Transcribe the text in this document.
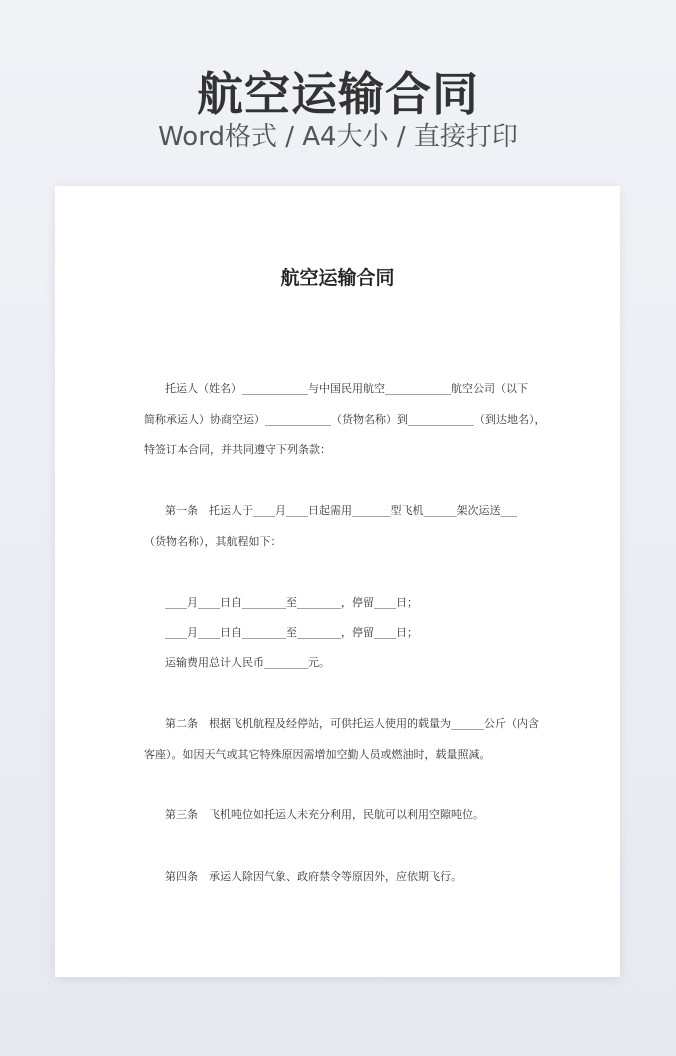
航空运输合同
Word格式 / A4大小 / 直接打印
航空运输合同
托运人（姓名）____________与中国民用航空____________航空公司（以下
简称承运人）协商空运）____________（货物名称）到____________（到达地名），
特签订本合同，并共同遵守下列条款：
第一条　托运人于____月____日起需用_______型飞机______架次运送___
（货物名称），其航程如下：
____月____日自________至________，停留____日；
____月____日自________至________，停留____日；
运输费用总计人民币________元。
第二条　根据飞机航程及经停站，可供托运人使用的载量为______公斤（内含
客座）。如因天气或其它特殊原因需增加空勤人员或燃油时，载量照减。
第三条　飞机吨位如托运人未充分利用，民航可以利用空隙吨位。
第四条　承运人除因气象、政府禁令等原因外，应依期飞行。
